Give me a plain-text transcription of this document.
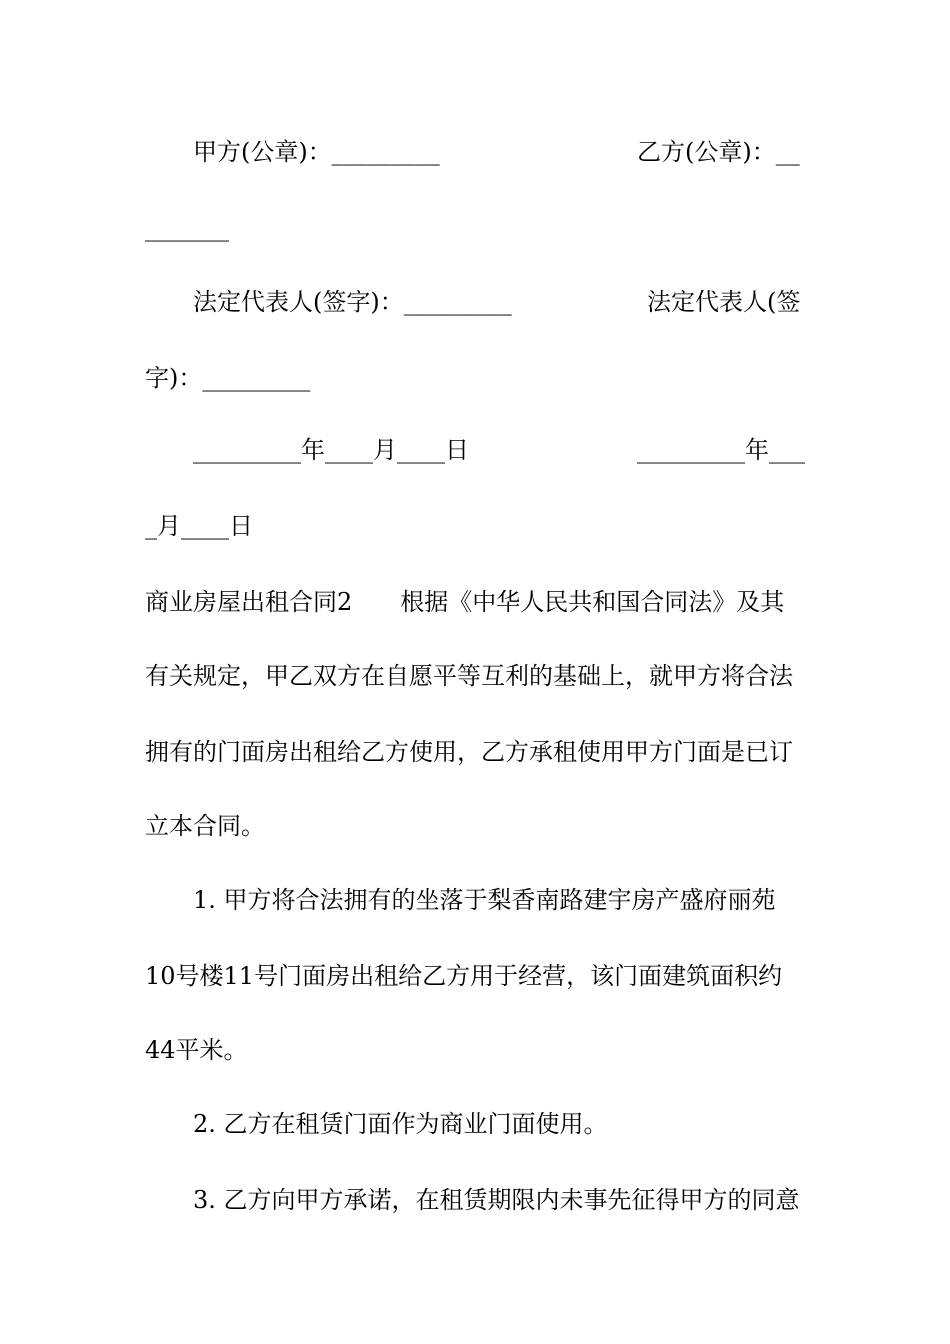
甲方(公章)：_________	乙方(公章)：__
_______
法定代表人(签字)：_________	法定代表人(签
字)：_________
_________年____月____日	_________年___
_月____日
商业房屋出租合同2　　根据《中华人民共和国合同法》及其
有关规定，甲乙双方在自愿平等互利的基础上，就甲方将合法
拥有的门面房出租给乙方使用，乙方承租使用甲方门面是已订
立本合同。
　　1. 甲方将合法拥有的坐落于梨香南路建宇房产盛府丽苑
10号楼11号门面房出租给乙方用于经营，该门面建筑面积约
44平米。
　　2. 乙方在租赁门面作为商业门面使用。
　　3. 乙方向甲方承诺，在租赁期限内未事先征得甲方的同意
